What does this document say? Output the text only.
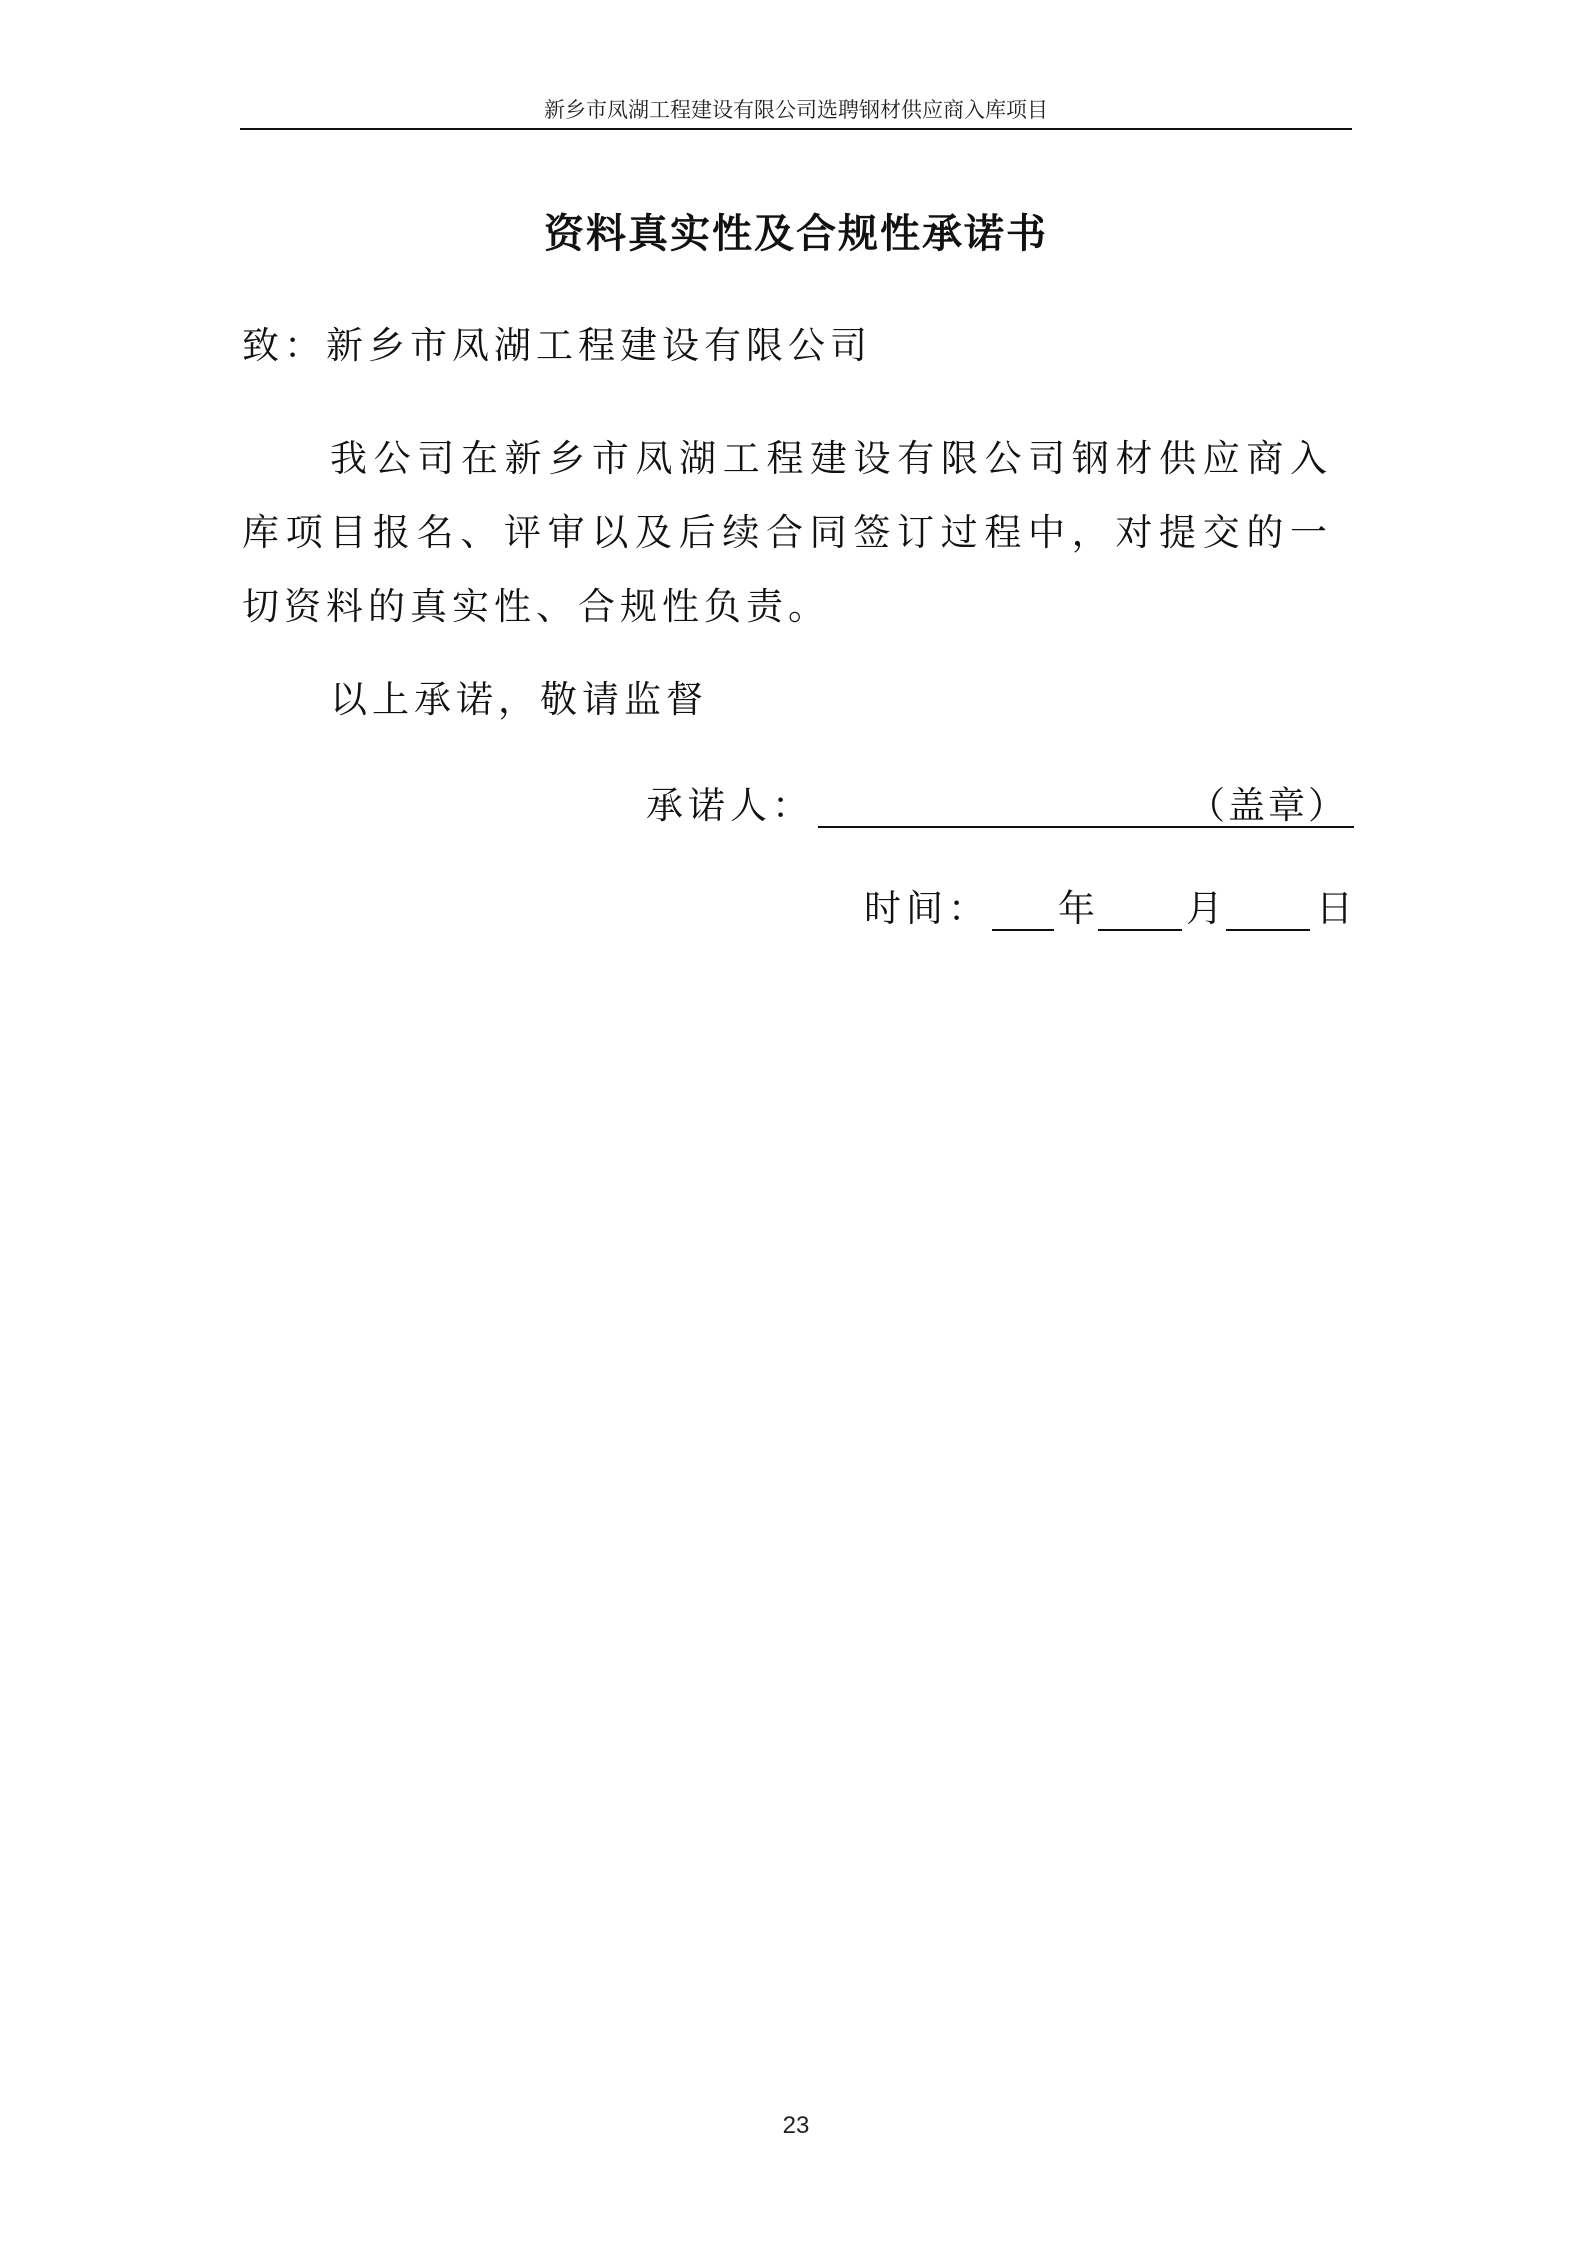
新乡市凤湖工程建设有限公司选聘钢材供应商入库项目
资料真实性及合规性承诺书
致：新乡市凤湖工程建设有限公司
我公司在新乡市凤湖工程建设有限公司钢材供应商入库项目报名、评审以及后续合同签订过程中，对提交的一切资料的真实性、合规性负责。
以上承诺，敬请监督
承诺人：	（盖章）
时间： 年 月	日
23
